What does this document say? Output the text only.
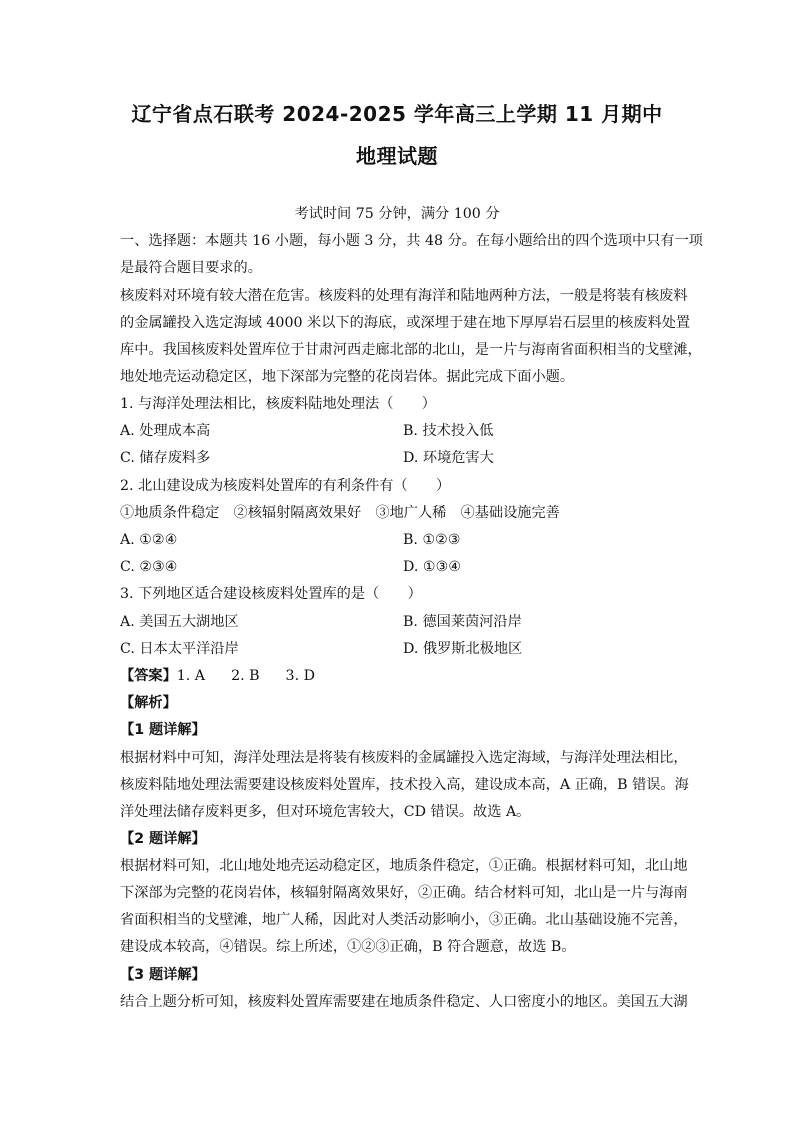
辽宁省点石联考 2024-2025 学年高三上学期 11 月期中
地理试题
考试时间 75 分钟，满分 100 分
一、选择题：本题共 16 小题，每小题 3 分，共 48 分。在每小题给出的四个选项中只有一项
是最符合题目要求的。
核废料对环境有较大潜在危害。核废料的处理有海洋和陆地两种方法，一般是将装有核废料
的金属罐投入选定海域 4000 米以下的海底，或深埋于建在地下厚厚岩石层里的核废料处置
库中。我国核废料处置库位于甘肃河西走廊北部的北山，是一片与海南省面积相当的戈壁滩，
地处地壳运动稳定区，地下深部为完整的花岗岩体。据此完成下面小题。
1. 与海洋处理法相比，核废料陆地处理法（　　）
A. 处理成本高	B. 技术投入低
C. 储存废料多	D. 环境危害大
2. 北山建设成为核废料处置库的有利条件有（　　）
①地质条件稳定　②核辐射隔离效果好　③地广人稀　④基础设施完善
A. ①②④	B. ①②③
C. ②③④	D. ①③④
3. 下列地区适合建设核废料处置库的是（　　）
A. 美国五大湖地区	B. 德国莱茵河沿岸
C. 日本太平洋沿岸	D. 俄罗斯北极地区
【答案】1. A 2. B 3. D
【解析】
【1 题详解】
根据材料中可知，海洋处理法是将装有核废料的金属罐投入选定海域，与海洋处理法相比，
核废料陆地处理法需要建设核废料处置库，技术投入高，建设成本高，A 正确，B 错误。海
洋处理法储存废料更多，但对环境危害较大，CD 错误。故选 A。
【2 题详解】
根据材料可知，北山地处地壳运动稳定区，地质条件稳定，①正确。根据材料可知，北山地
下深部为完整的花岗岩体，核辐射隔离效果好，②正确。结合材料可知，北山是一片与海南
省面积相当的戈壁滩，地广人稀，因此对人类活动影响小，③正确。北山基础设施不完善，
建设成本较高，④错误。综上所述，①②③正确，B 符合题意，故选 B。
【3 题详解】
结合上题分析可知，核废料处置库需要建在地质条件稳定、人口密度小的地区。美国五大湖
